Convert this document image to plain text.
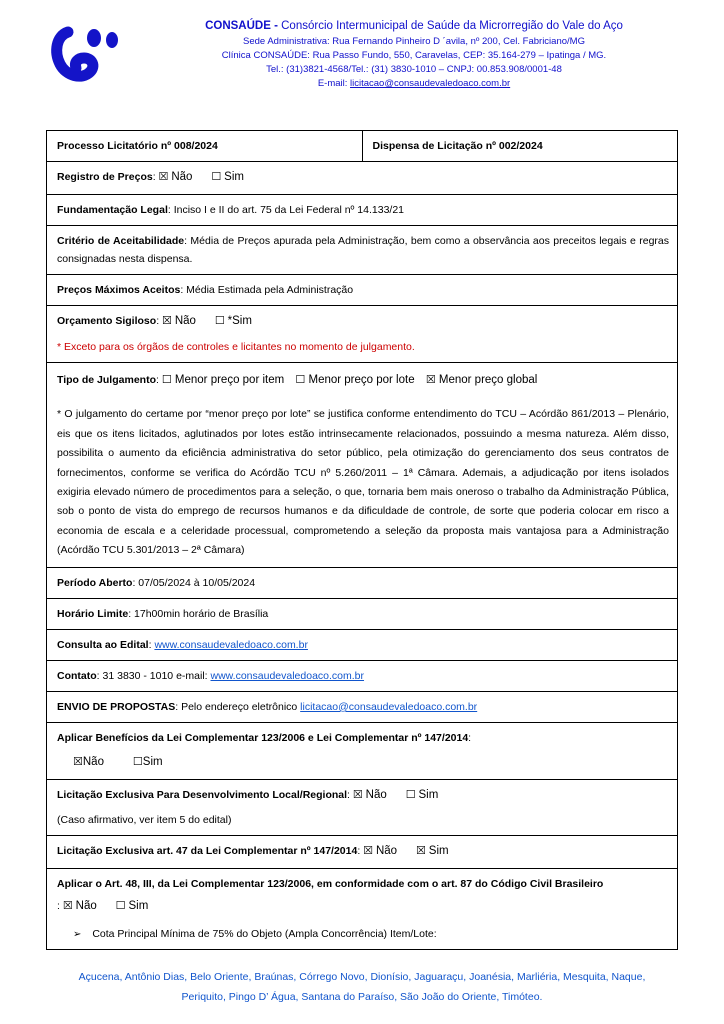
CONSAÚDE - Consórcio Intermunicipal de Saúde da Microrregião do Vale do Aço
Sede Administrativa: Rua Fernando Pinheiro D ´avila, nº 200, Cel. Fabriciano/MG
Clínica CONSAÚDE: Rua Passo Fundo, 550, Caravelas, CEP: 35.164-279 – Ipatinga / MG.
Tel.: (31)3821-4568/Tel.: (31) 3830-1010 – CNPJ: 00.853.908/0001-48
E-mail: licitacao@consaudevaledoaco.com.br
Processo Licitatório nº 008/2024	Dispensa de Licitação nº 002/2024
Registro de Preços: ☒ Não ☐ Sim
Fundamentação Legal: Inciso I e II do art. 75 da Lei Federal nº 14.133/21
Critério de Aceitabilidade: Média de Preços apurada pela Administração, bem como a observância aos preceitos legais e regras consignadas nesta dispensa.
Preços Máximos Aceitos: Média Estimada pela Administração

Orçamento Sigiloso: ☒ Não ☐ *Sim
* Exceto para os órgãos de controles e licitantes no momento de julgamento.

Tipo de Julgamento: ☐ Menor preço por item ☐ Menor preço por lote ☒ Menor preço global
* O julgamento do certame por “menor preço por lote” se justifica conforme entendimento do TCU – Acórdão 861/2013 – Plenário, eis que os itens licitados, aglutinados por lotes estão intrinsecamente relacionados, possuindo a mesma natureza. Além disso, possibilita o aumento da eficiência administrativa do setor público, pela otimização do gerenciamento dos seus contratos de fornecimentos, conforme se verifica do Acórdão TCU nº 5.260/2011 – 1ª Câmara. Ademais, a adjudicação por itens isolados exigiria elevado número de procedimentos para a seleção, o que, tornaria bem mais oneroso o trabalho da Administração Pública, sob o ponto de vista do emprego de recursos humanos e da dificuldade de controle, de sorte que poderia colocar em risco a economia de escala e a celeridade processual, comprometendo a seleção da proposta mais vantajosa para a Administração (Acórdão TCU 5.301/2013 – 2ª Câmara)

Período Aberto: 07/05/2024 à 10/05/2024
Horário Limite: 17h00min horário de Brasília
Consulta ao Edital: www.consaudevaledoaco.com.br
Contato: 31 3830 - 1010 e-mail: www.consaudevaledoaco.com.br
ENVIO DE PROPOSTAS: Pelo endereço eletrônico licitacao@consaudevaledoaco.com.br

Aplicar Benefícios da Lei Complementar 123/2006 e Lei Complementar nº 147/2014:
☒Não	☐Sim

Licitação Exclusiva Para Desenvolvimento Local/Regional: ☒ Não ☐ Sim
(Caso afirmativo, ver item 5 do edital)

Licitação Exclusiva art. 47 da Lei Complementar nº 147/2014: ☒ Não ☒ Sim

Aplicar o Art. 48, III, da Lei Complementar 123/2006, em conformidade com o art. 87 do Código Civil Brasileiro
: ☒ Não ☐ Sim
➢ Cota Principal Mínima de 75% do Objeto (Ampla Concorrência) Item/Lote:
Açucena, Antônio Dias, Belo Oriente, Braúnas, Córrego Novo, Dionísio, Jaguaraçu, Joanésia, Marliéria, Mesquita, Naque,
Periquito, Pingo D’ Água, Santana do Paraíso, São João do Oriente, Timóteo.
